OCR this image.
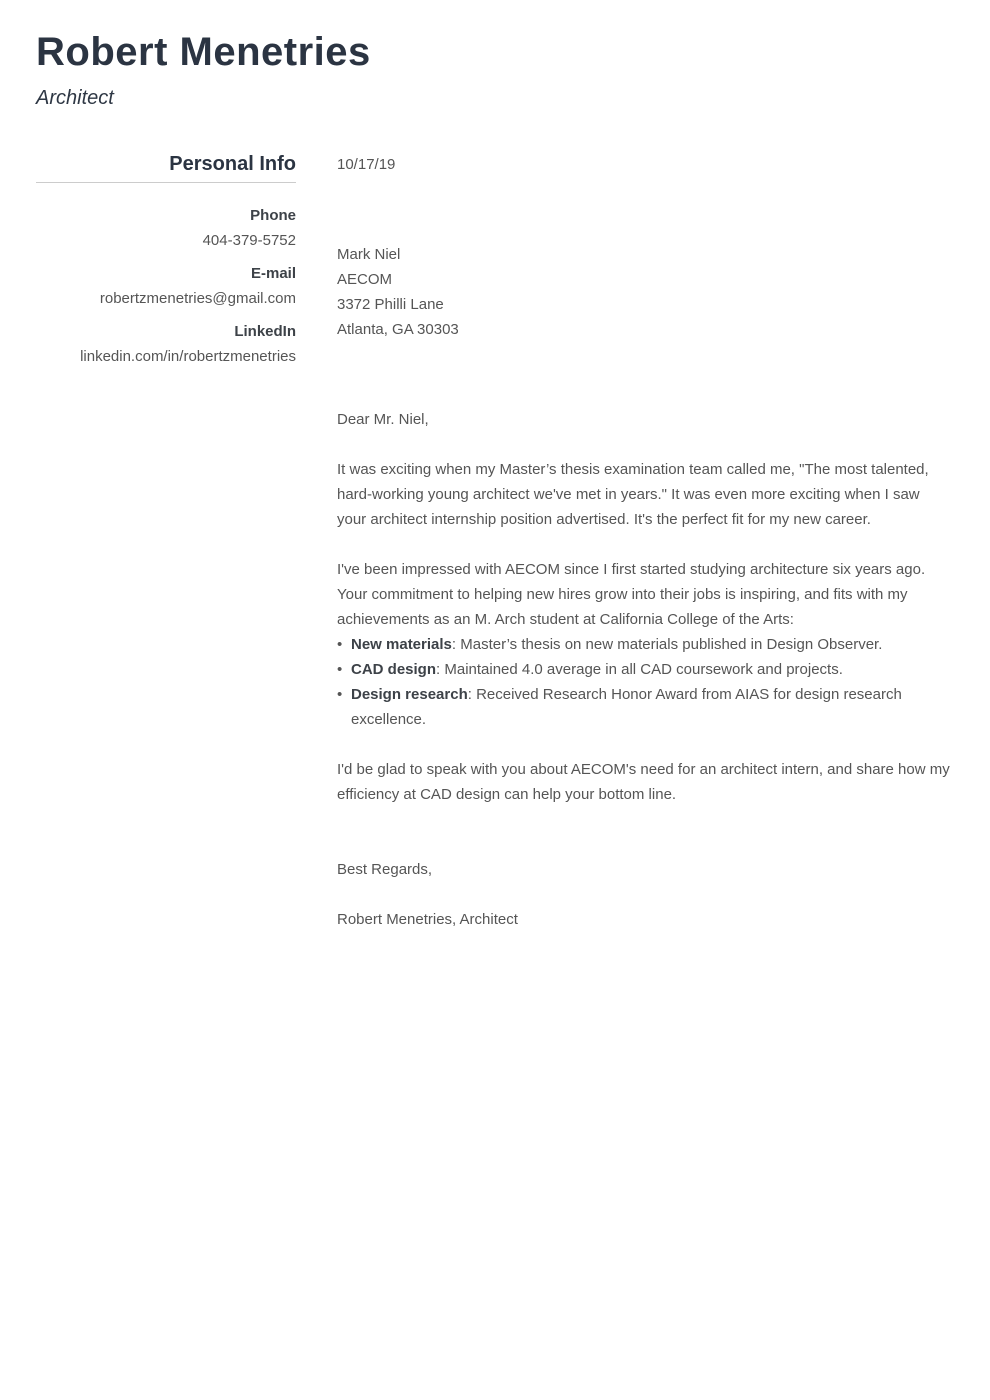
Robert Menetries
Architect
Personal Info
Phone
404-379-5752
E-mail
robertzmenetries@gmail.com
LinkedIn
linkedin.com/in/robertzmenetries
10/17/19
Mark Niel
AECOM
3372 Philli Lane
Atlanta, GA 30303
Dear Mr. Niel,
It was exciting when my Master’s thesis examination team called me, "The most talented, hard-working young architect we've met in years." It was even more exciting when I saw your architect internship position advertised. It's the perfect fit for my new career.
I've been impressed with AECOM since I first started studying architecture six years ago. Your commitment to helping new hires grow into their jobs is inspiring, and fits with my achievements as an M. Arch student at California College of the Arts:
• New materials: Master’s thesis on new materials published in Design Observer.
• CAD design: Maintained 4.0 average in all CAD coursework and projects.
• Design research: Received Research Honor Award from AIAS for design research excellence.
I'd be glad to speak with you about AECOM's need for an architect intern, and share how my efficiency at CAD design can help your bottom line.
Best Regards,
Robert Menetries, Architect
